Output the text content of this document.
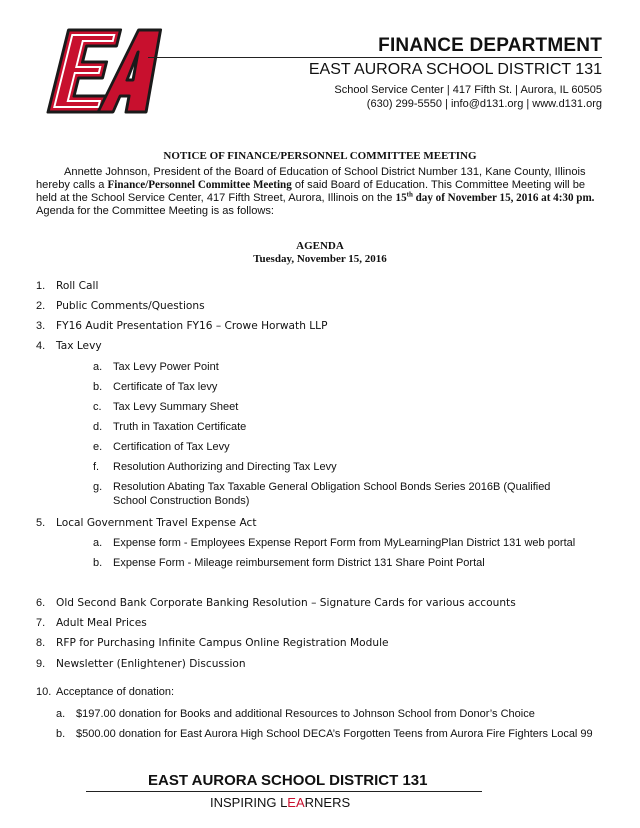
EA
FINANCE DEPARTMENT
EAST AURORA SCHOOL DISTRICT 131
School Service Center | 417 Fifth St. | Aurora, IL 60505
(630) 299-5550 | info@d131.org | www.d131.org
NOTICE OF FINANCE/PERSONNEL COMMITTEE MEETING
Annette Johnson, President of the Board of Education of School District Number 131, Kane County, Illinois hereby calls a Finance/Personnel Committee Meeting of said Board of Education. This Committee Meeting will be held at the School Service Center, 417 Fifth Street, Aurora, Illinois on the 15th day of November 15, 2016 at 4:30 pm. Agenda for the Committee Meeting is as follows:
AGENDA
Tuesday, November 15, 2016
1. Roll Call
2. Public Comments/Questions
3. FY16 Audit Presentation FY16 – Crowe Horwath LLP
4. Tax Levy
a. Tax Levy Power Point
b. Certificate of Tax levy
c. Tax Levy Summary Sheet
d. Truth in Taxation Certificate
e. Certification of Tax Levy
f. Resolution Authorizing and Directing Tax Levy
g. Resolution Abating Tax Taxable General Obligation School Bonds Series 2016B (Qualified School Construction Bonds)
5. Local Government Travel Expense Act
a. Expense form - Employees Expense Report Form from MyLearningPlan District 131 web portal
b. Expense Form - Mileage reimbursement form District 131 Share Point Portal
6. Old Second Bank Corporate Banking Resolution – Signature Cards for various accounts
7. Adult Meal Prices
8. RFP for Purchasing Infinite Campus Online Registration Module
9. Newsletter (Enlightener) Discussion
10. Acceptance of donation:
a. $197.00 donation for Books and additional Resources to Johnson School from Donor’s Choice
b. $500.00 donation for East Aurora High School DECA’s Forgotten Teens from Aurora Fire Fighters Local 99
EAST AURORA SCHOOL DISTRICT 131
INSPIRING LEARNERS
